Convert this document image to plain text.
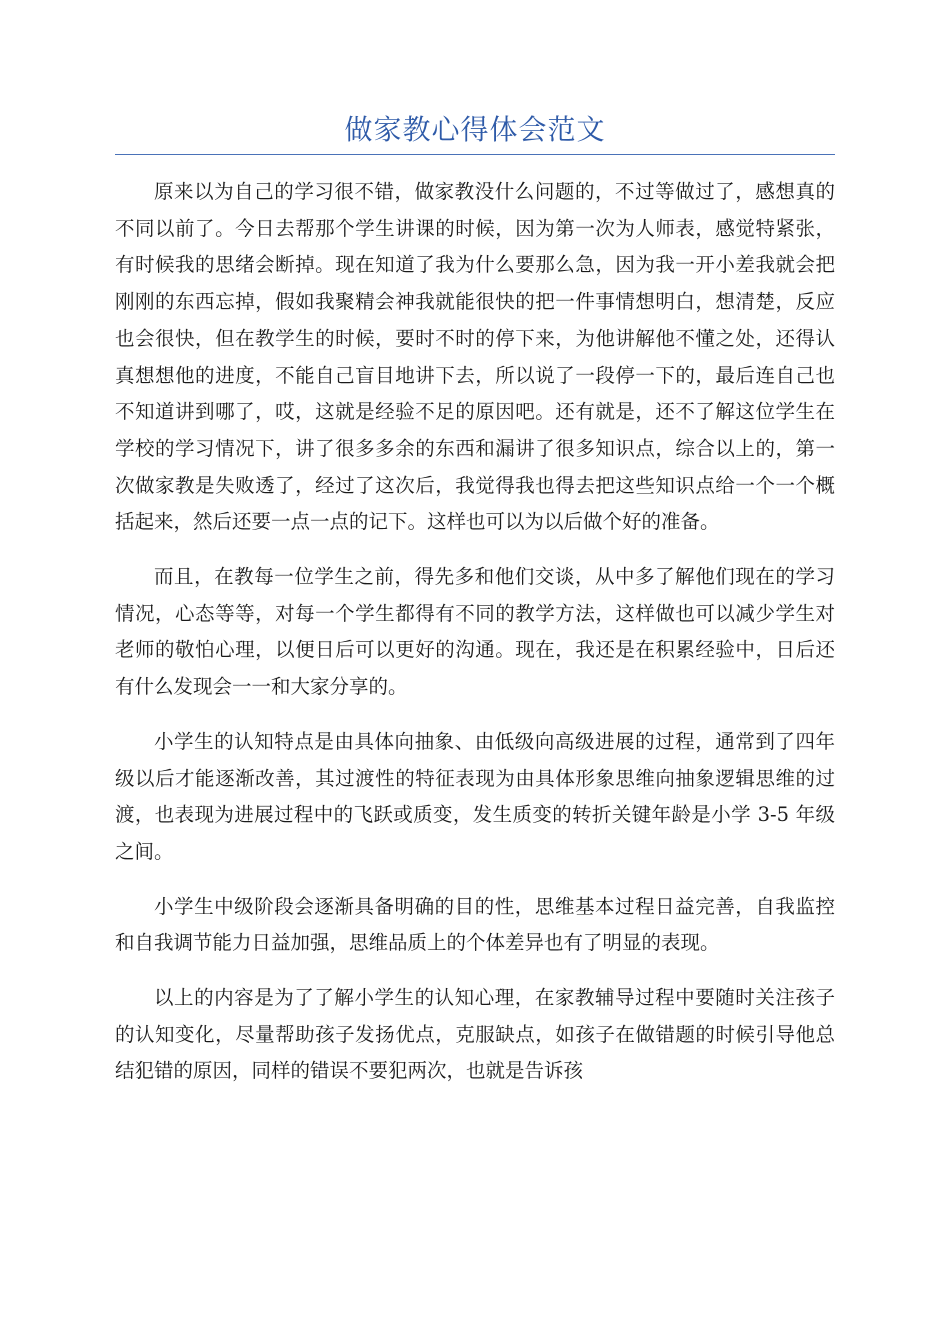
做家教心得体会范文

原来以为自己的学习很不错，做家教没什么问题的，不过等做过了，感想真的不同以前了。今日去帮那个学生讲课的时候，因为第一次为人师表，感觉特紧张，有时候我的思绪会断掉。现在知道了我为什么要那么急，因为我一开小差我就会把刚刚的东西忘掉，假如我聚精会神我就能很快的把一件事情想明白，想清楚，反应也会很快，但在教学生的时候，要时不时的停下来，为他讲解他不懂之处，还得认真想想他的进度，不能自己盲目地讲下去，所以说了一段停一下的，最后连自己也不知道讲到哪了，哎，这就是经验不足的原因吧。还有就是，还不了解这位学生在学校的学习情况下，讲了很多多余的东西和漏讲了很多知识点，综合以上的，第一次做家教是失败透了，经过了这次后，我觉得我也得去把这些知识点给一个一个概括起来，然后还要一点一点的记下。这样也可以为以后做个好的准备。

而且，在教每一位学生之前，得先多和他们交谈，从中多了解他们现在的学习情况，心态等等，对每一个学生都得有不同的教学方法，这样做也可以减少学生对老师的敬怕心理，以便日后可以更好的沟通。现在，我还是在积累经验中，日后还有什么发现会一一和大家分享的。

小学生的认知特点是由具体向抽象、由低级向高级进展的过程，通常到了四年级以后才能逐渐改善，其过渡性的特征表现为由具体形象思维向抽象逻辑思维的过渡，也表现为进展过程中的飞跃或质变，发生质变的转折关键年龄是小学 3-5 年级之间。

小学生中级阶段会逐渐具备明确的目的性，思维基本过程日益完善，自我监控和自我调节能力日益加强，思维品质上的个体差异也有了明显的表现。

以上的内容是为了了解小学生的认知心理，在家教辅导过程中要随时关注孩子的认知变化，尽量帮助孩子发扬优点，克服缺点，如孩子在做错题的时候引导他总结犯错的原因，同样的错误不要犯两次，也就是告诉孩
